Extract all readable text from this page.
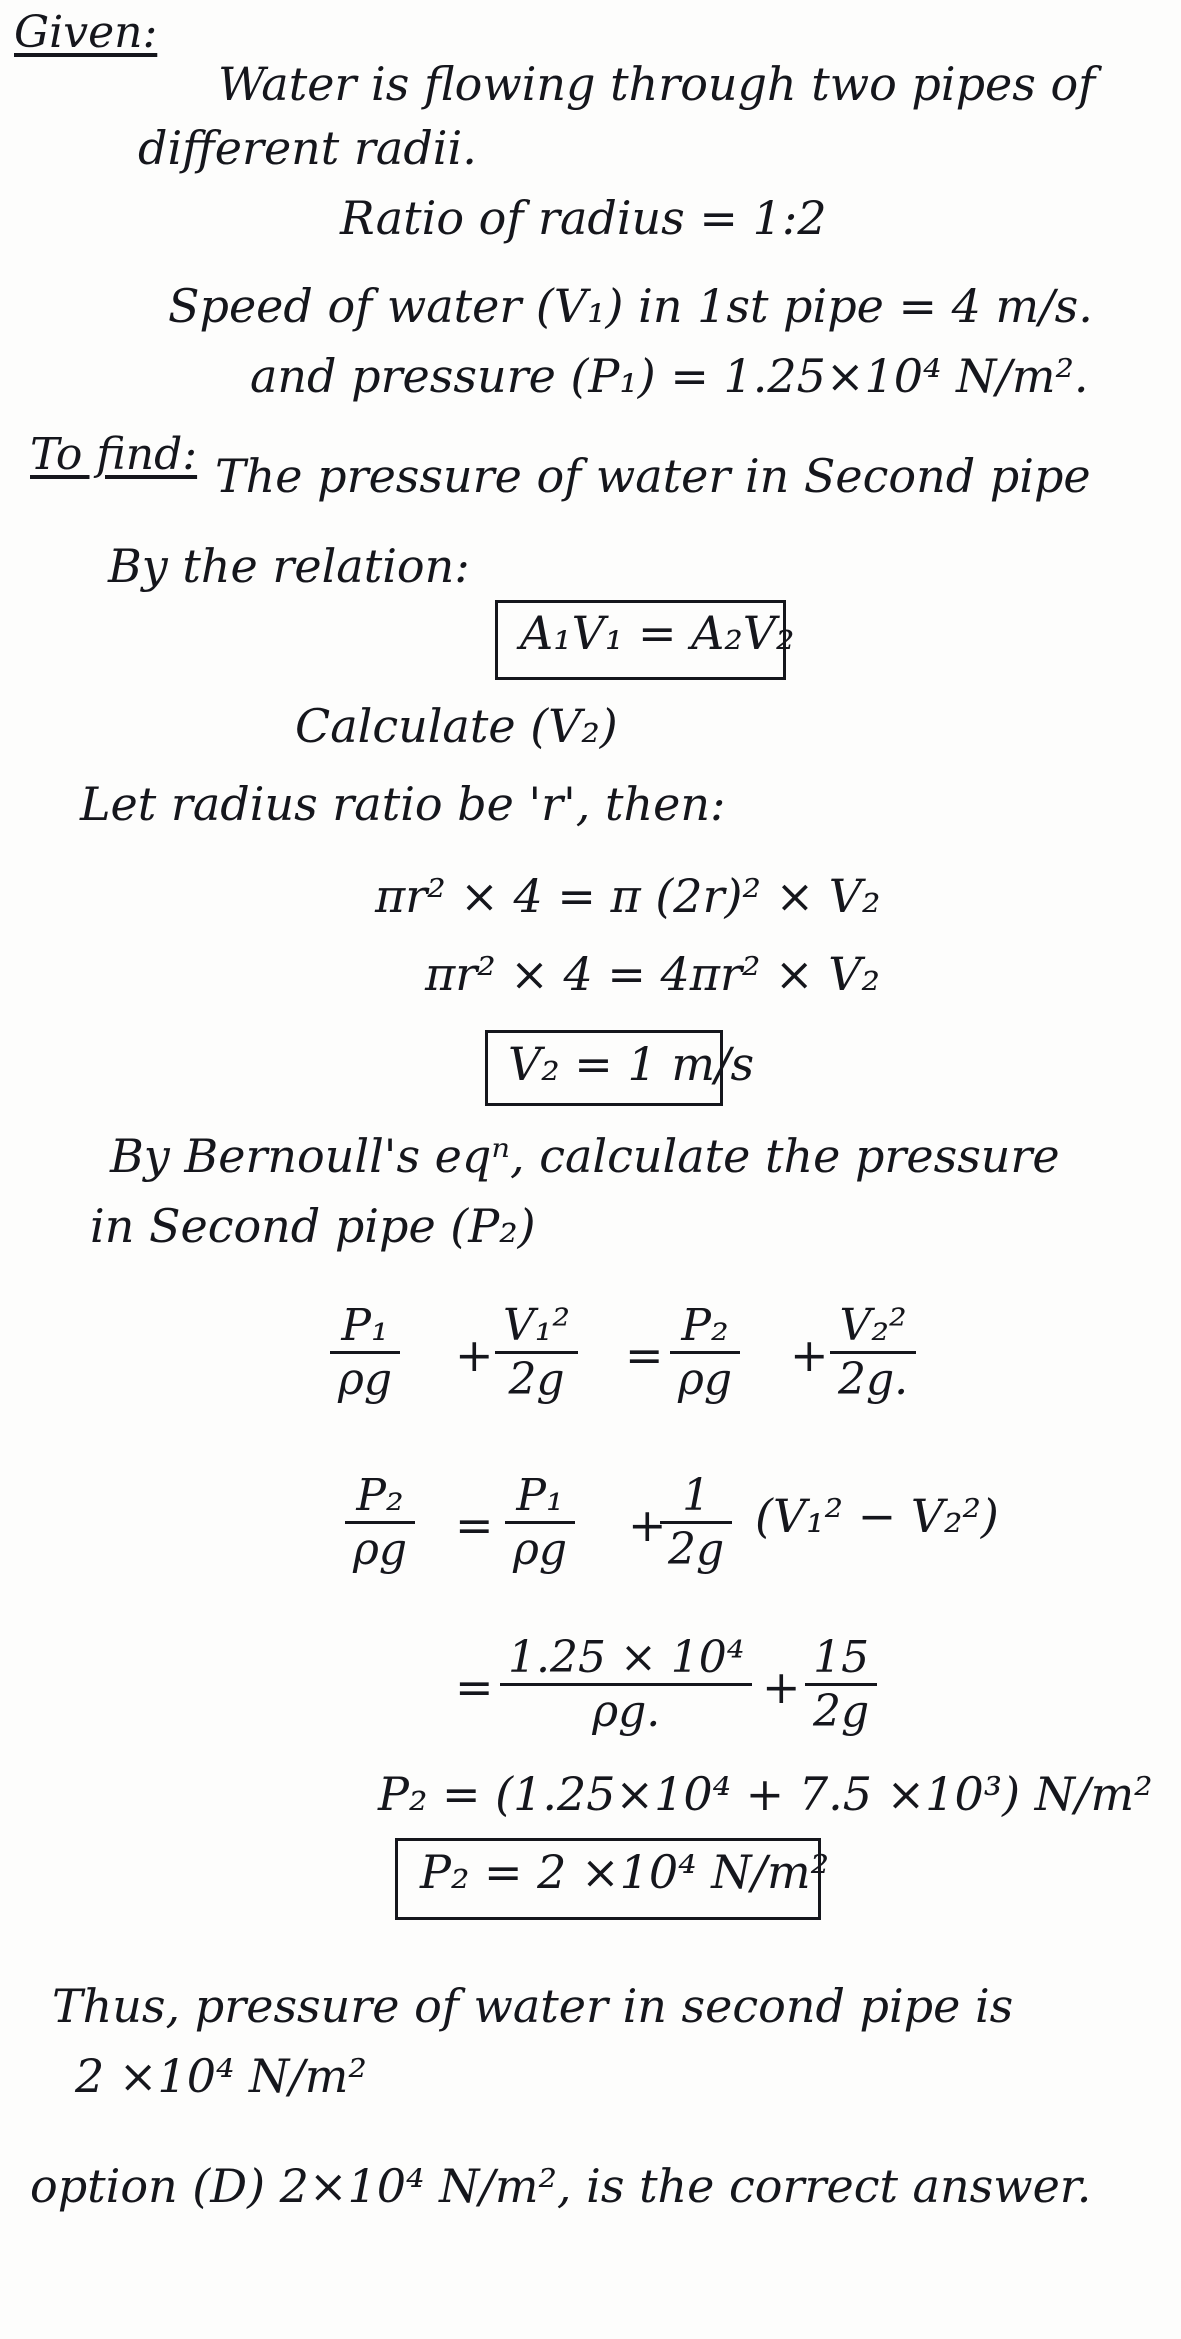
Given:
Water is flowing through two pipes of
different radii.
Ratio of radius = 1:2
Speed of water (V₁) in 1st pipe = 4 m/s.
and pressure (P₁) = 1.25×10⁴ N/m².
To find: The pressure of water in Second pipe
By the relation:
A₁V₁ = A₂V₂
Calculate (V₂)
Let radius ratio be 'r', then:
πr² × 4 = π (2r)² × V₂
πr² × 4 = 4πr² × V₂
V₂ = 1 m/s
By Bernoull's eqⁿ, calculate the pressure
in Second pipe (P₂)
$\frac{\text{P₁}}{\rho g} + \frac{\text{V₁²}}{2g} = \frac{\text{P₂}}{\rho g} + \frac{\text{V₂²}}{2g.}$
$\frac{\text{P₂}}{\rho g} = \frac{\text{P₁}}{\rho g}$ +
$\frac{1}{2g} (V_1^2 - V_2^2)$
= $\frac{\text{1.25 × 10⁴}}{\rho g.} + \frac{15}{2g}$
P₂ = (1.25×10⁴ + 7.5 ×10³) N/m²
P₂ = 2 ×10⁴ N/m²
Thus, pressure of water in second pipe is
2 ×10⁴ N/m²
option (D) 2×10⁴ N/m², is the correct answer.
